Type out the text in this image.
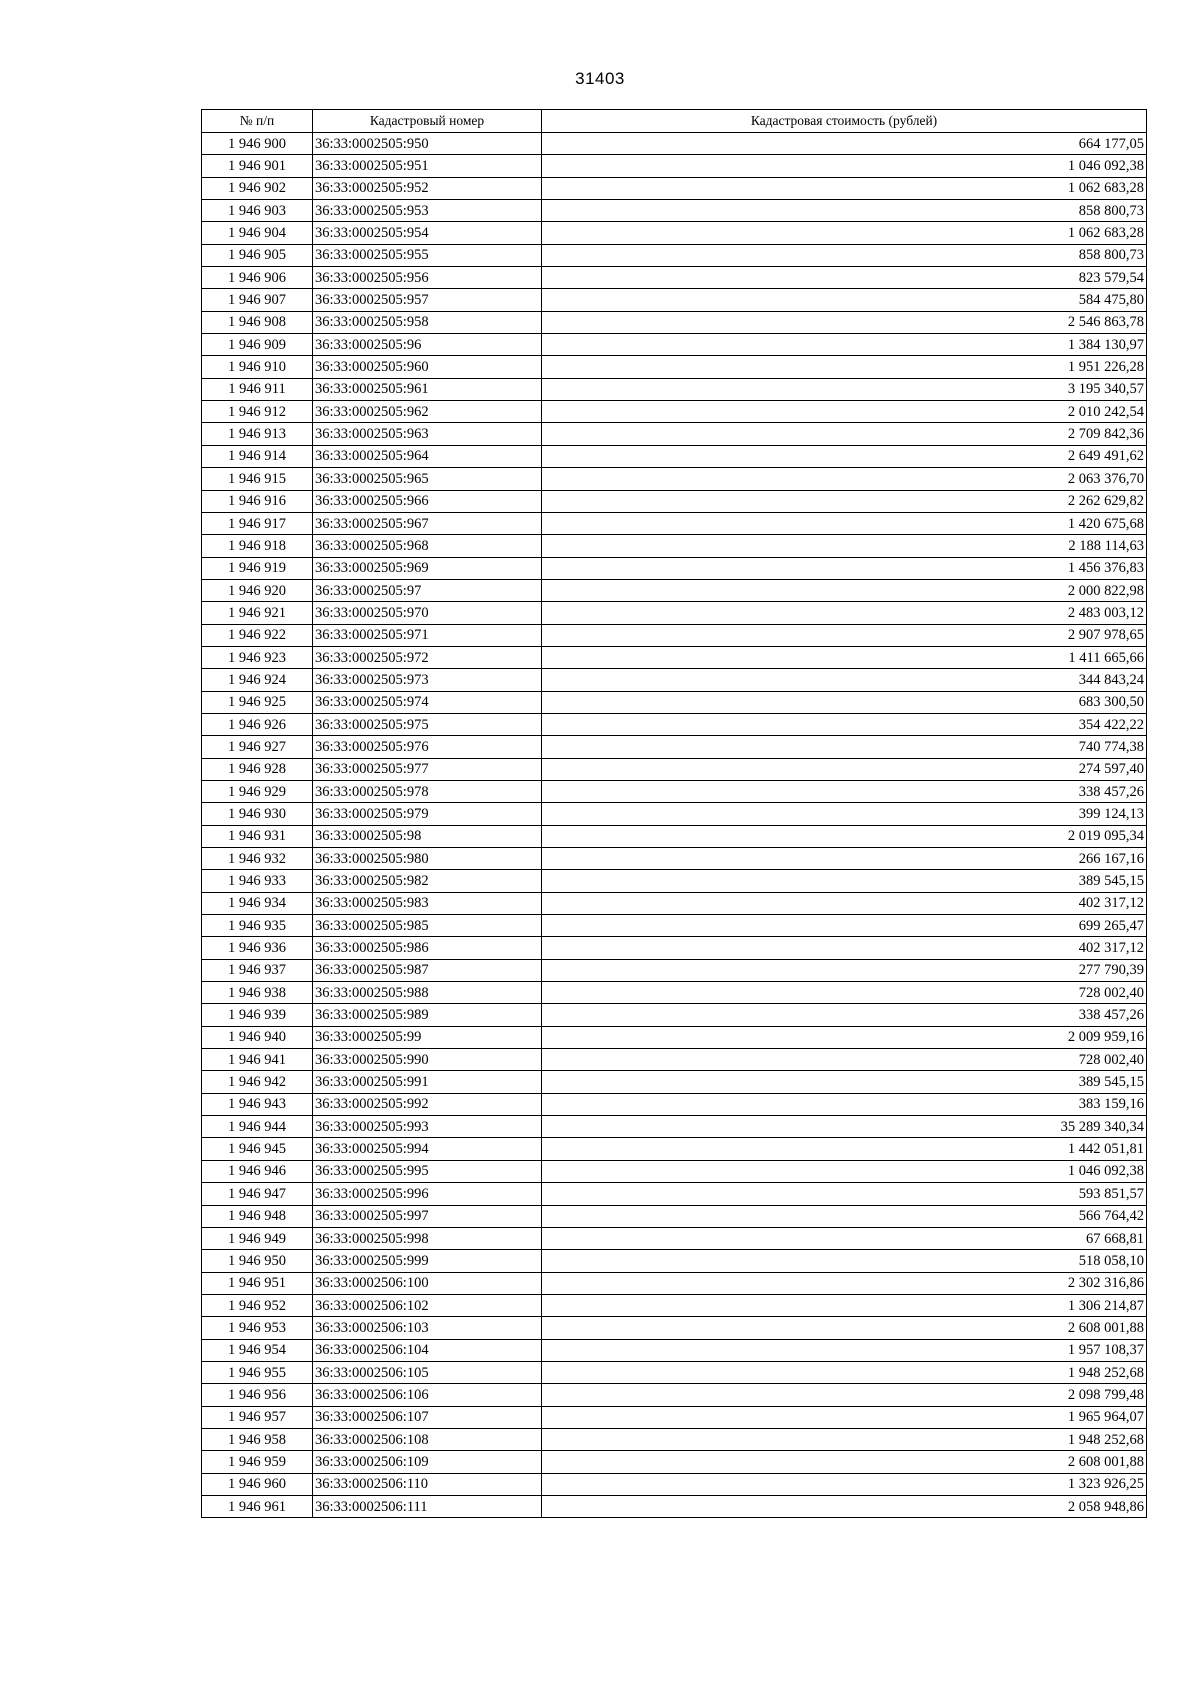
31403
№ п/п	Кадастровый номер	Кадастровая стоимость (рублей)
1 946 900	36:33:0002505:950	664 177,05
1 946 901	36:33:0002505:951	1 046 092,38
1 946 902	36:33:0002505:952	1 062 683,28
1 946 903	36:33:0002505:953	858 800,73
1 946 904	36:33:0002505:954	1 062 683,28
1 946 905	36:33:0002505:955	858 800,73
1 946 906	36:33:0002505:956	823 579,54
1 946 907	36:33:0002505:957	584 475,80
1 946 908	36:33:0002505:958	2 546 863,78
1 946 909	36:33:0002505:96	1 384 130,97
1 946 910	36:33:0002505:960	1 951 226,28
1 946 911	36:33:0002505:961	3 195 340,57
1 946 912	36:33:0002505:962	2 010 242,54
1 946 913	36:33:0002505:963	2 709 842,36
1 946 914	36:33:0002505:964	2 649 491,62
1 946 915	36:33:0002505:965	2 063 376,70
1 946 916	36:33:0002505:966	2 262 629,82
1 946 917	36:33:0002505:967	1 420 675,68
1 946 918	36:33:0002505:968	2 188 114,63
1 946 919	36:33:0002505:969	1 456 376,83
1 946 920	36:33:0002505:97	2 000 822,98
1 946 921	36:33:0002505:970	2 483 003,12
1 946 922	36:33:0002505:971	2 907 978,65
1 946 923	36:33:0002505:972	1 411 665,66
1 946 924	36:33:0002505:973	344 843,24
1 946 925	36:33:0002505:974	683 300,50
1 946 926	36:33:0002505:975	354 422,22
1 946 927	36:33:0002505:976	740 774,38
1 946 928	36:33:0002505:977	274 597,40
1 946 929	36:33:0002505:978	338 457,26
1 946 930	36:33:0002505:979	399 124,13
1 946 931	36:33:0002505:98	2 019 095,34
1 946 932	36:33:0002505:980	266 167,16
1 946 933	36:33:0002505:982	389 545,15
1 946 934	36:33:0002505:983	402 317,12
1 946 935	36:33:0002505:985	699 265,47
1 946 936	36:33:0002505:986	402 317,12
1 946 937	36:33:0002505:987	277 790,39
1 946 938	36:33:0002505:988	728 002,40
1 946 939	36:33:0002505:989	338 457,26
1 946 940	36:33:0002505:99	2 009 959,16
1 946 941	36:33:0002505:990	728 002,40
1 946 942	36:33:0002505:991	389 545,15
1 946 943	36:33:0002505:992	383 159,16
1 946 944	36:33:0002505:993	35 289 340,34
1 946 945	36:33:0002505:994	1 442 051,81
1 946 946	36:33:0002505:995	1 046 092,38
1 946 947	36:33:0002505:996	593 851,57
1 946 948	36:33:0002505:997	566 764,42
1 946 949	36:33:0002505:998	67 668,81
1 946 950	36:33:0002505:999	518 058,10
1 946 951	36:33:0002506:100	2 302 316,86
1 946 952	36:33:0002506:102	1 306 214,87
1 946 953	36:33:0002506:103	2 608 001,88
1 946 954	36:33:0002506:104	1 957 108,37
1 946 955	36:33:0002506:105	1 948 252,68
1 946 956	36:33:0002506:106	2 098 799,48
1 946 957	36:33:0002506:107	1 965 964,07
1 946 958	36:33:0002506:108	1 948 252,68
1 946 959	36:33:0002506:109	2 608 001,88
1 946 960	36:33:0002506:110	1 323 926,25
1 946 961	36:33:0002506:111	2 058 948,86
